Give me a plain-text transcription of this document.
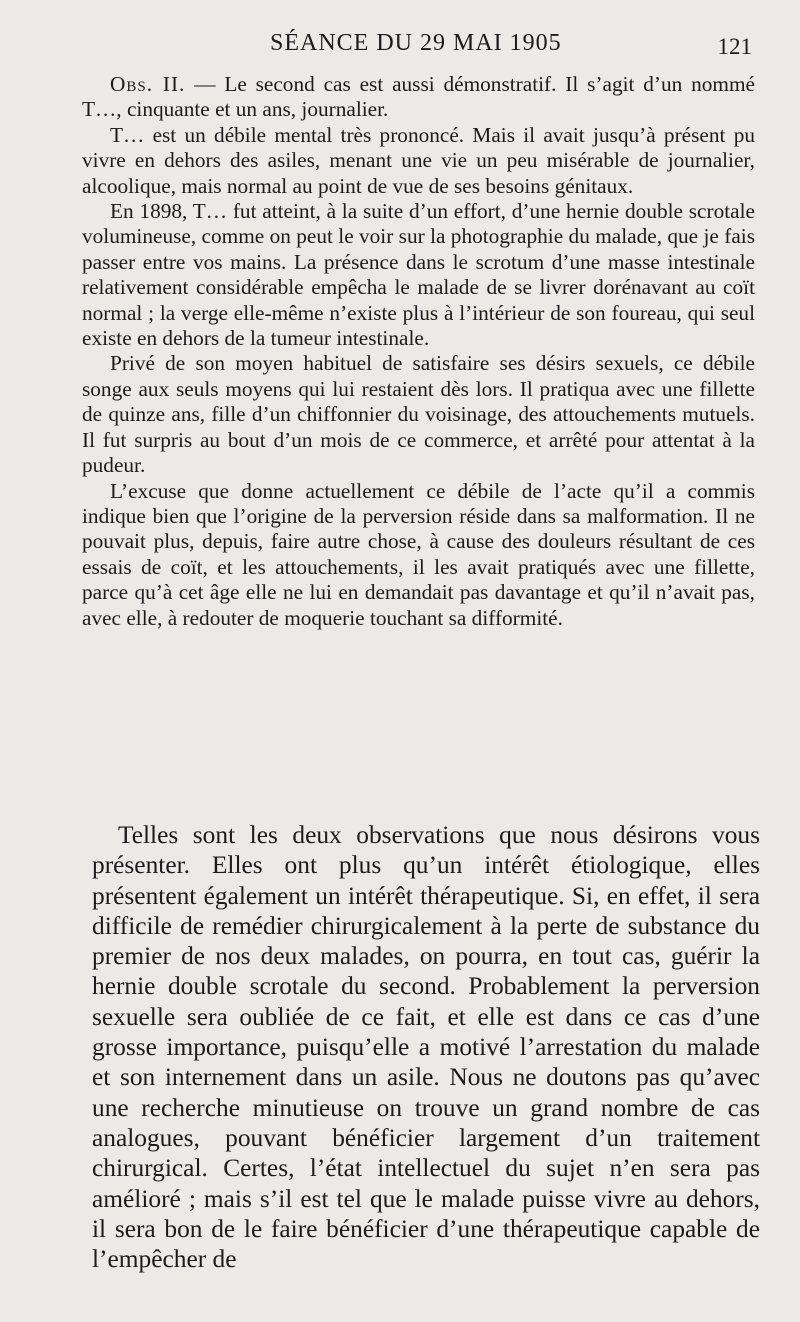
SÉANCE DU 29 MAI 1905	121

Obs. II. — Le second cas est aussi démonstratif. Il s’agit d’un nommé T…, cinquante et un ans, journalier.

T… est un débile mental très prononcé. Mais il avait jusqu’à présent pu vivre en dehors des asiles, menant une vie un peu misérable de journalier, alcoolique, mais normal au point de vue de ses besoins génitaux.

En 1898, T… fut atteint, à la suite d’un effort, d’une hernie double scrotale volumineuse, comme on peut le voir sur la photographie du malade, que je fais passer entre vos mains. La présence dans le scrotum d’une masse intestinale relativement considérable empêcha le malade de se livrer dorénavant au coït normal ; la verge elle-même n’existe plus à l’intérieur de son foureau, qui seul existe en dehors de la tumeur intestinale.

Privé de son moyen habituel de satisfaire ses désirs sexuels, ce débile songe aux seuls moyens qui lui restaient dès lors. Il pratiqua avec une fillette de quinze ans, fille d’un chiffonnier du voisinage, des attouchements mutuels. Il fut surpris au bout d’un mois de ce commerce, et arrêté pour attentat à la pudeur.

L’excuse que donne actuellement ce débile de l’acte qu’il a commis indique bien que l’origine de la perversion réside dans sa malformation. Il ne pouvait plus, depuis, faire autre chose, à cause des douleurs résultant de ces essais de coït, et les attouchements, il les avait pratiqués avec une fillette, parce qu’à cet âge elle ne lui en demandait pas davantage et qu’il n’avait pas, avec elle, à redouter de moquerie touchant sa difformité.

Telles sont les deux observations que nous désirons vous présenter. Elles ont plus qu’un intérêt étiologique, elles présentent également un intérêt thérapeutique. Si, en effet, il sera difficile de remédier chirurgicalement à la perte de substance du premier de nos deux malades, on pourra, en tout cas, guérir la hernie double scrotale du second. Probablement la perversion sexuelle sera oubliée de ce fait, et elle est dans ce cas d’une grosse importance, puisqu’elle a motivé l’arrestation du malade et son internement dans un asile. Nous ne doutons pas qu’avec une recherche minutieuse on trouve un grand nombre de cas analogues, pouvant bénéficier largement d’un traitement chirurgical. Certes, l’état intellectuel du sujet n’en sera pas amélioré ; mais s’il est tel que le malade puisse vivre au dehors, il sera bon de le faire bénéficier d’une thérapeutique capable de l’empêcher de
